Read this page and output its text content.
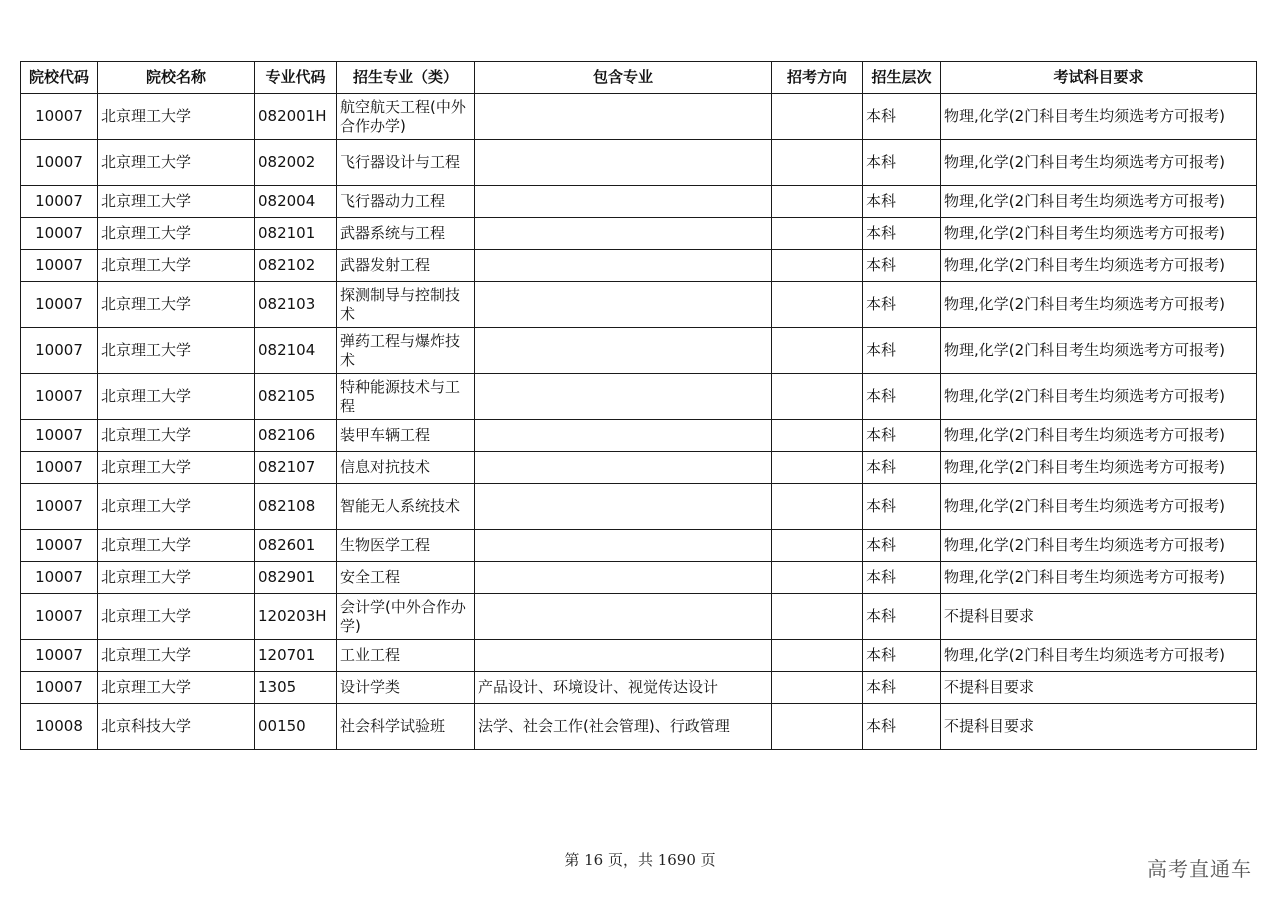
院校代码	院校名称	专业代码	招生专业（类）	包含专业	招考方向	招生层次	考试科目要求
10007	北京理工大学	082001H	航空航天工程(中外合作办学)			本科	物理,化学(2门科目考生均须选考方可报考)
10007	北京理工大学	082002	飞行器设计与工程			本科	物理,化学(2门科目考生均须选考方可报考)
10007	北京理工大学	082004	飞行器动力工程			本科	物理,化学(2门科目考生均须选考方可报考)
10007	北京理工大学	082101	武器系统与工程			本科	物理,化学(2门科目考生均须选考方可报考)
10007	北京理工大学	082102	武器发射工程			本科	物理,化学(2门科目考生均须选考方可报考)
10007	北京理工大学	082103	探测制导与控制技术			本科	物理,化学(2门科目考生均须选考方可报考)
10007	北京理工大学	082104	弹药工程与爆炸技术			本科	物理,化学(2门科目考生均须选考方可报考)
10007	北京理工大学	082105	特种能源技术与工程			本科	物理,化学(2门科目考生均须选考方可报考)
10007	北京理工大学	082106	装甲车辆工程			本科	物理,化学(2门科目考生均须选考方可报考)
10007	北京理工大学	082107	信息对抗技术			本科	物理,化学(2门科目考生均须选考方可报考)
10007	北京理工大学	082108	智能无人系统技术			本科	物理,化学(2门科目考生均须选考方可报考)
10007	北京理工大学	082601	生物医学工程			本科	物理,化学(2门科目考生均须选考方可报考)
10007	北京理工大学	082901	安全工程			本科	物理,化学(2门科目考生均须选考方可报考)
10007	北京理工大学	120203H	会计学(中外合作办学)			本科	不提科目要求
10007	北京理工大学	120701	工业工程			本科	物理,化学(2门科目考生均须选考方可报考)
10007	北京理工大学	1305	设计学类	产品设计、环境设计、视觉传达设计		本科	不提科目要求
10008	北京科技大学	00150	社会科学试验班	法学、社会工作(社会管理)、行政管理		本科	不提科目要求
第 16 页，共 1690 页	高考直通车
